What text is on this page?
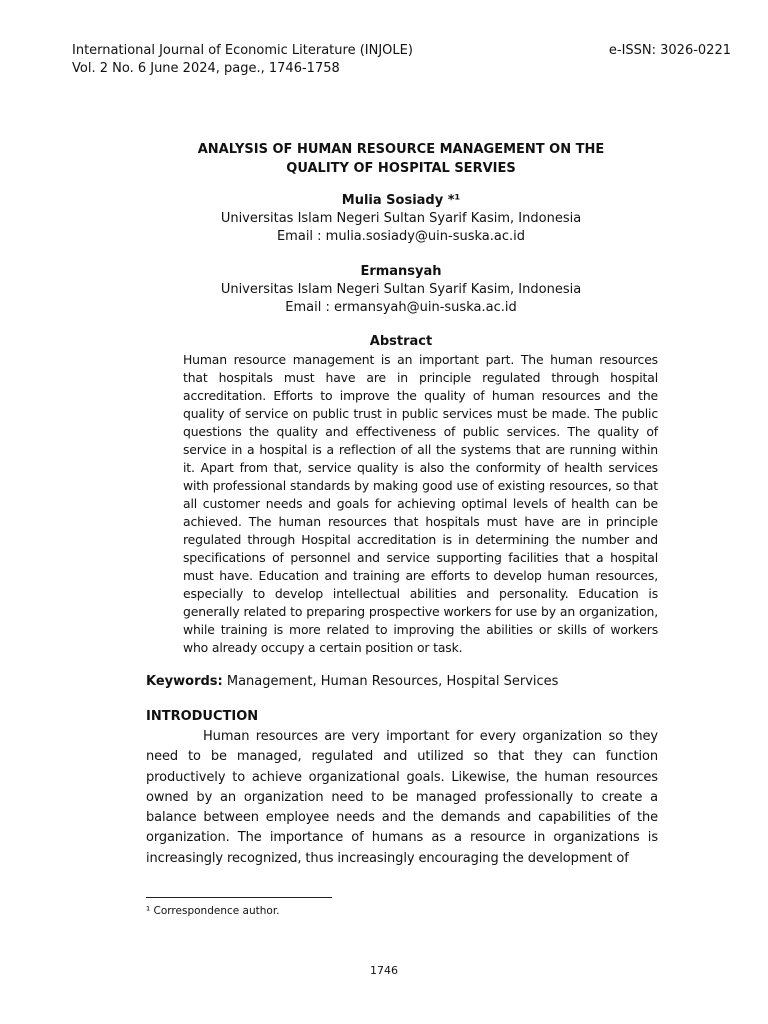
International Journal of Economic Literature (INJOLE)
Vol. 2 No. 6 June 2024, page., 1746-1758
e-ISSN: 3026-0221
ANALYSIS OF HUMAN RESOURCE MANAGEMENT ON THE
QUALITY OF HOSPITAL SERVIES
Mulia Sosiady *¹
Universitas Islam Negeri Sultan Syarif Kasim, Indonesia
Email : mulia.sosiady@uin-suska.ac.id
Ermansyah
Universitas Islam Negeri Sultan Syarif Kasim, Indonesia
Email : ermansyah@uin-suska.ac.id
Abstract

Human resource management is an important part. The human resources that hospitals must have are in principle regulated through hospital accreditation. Efforts to improve the quality of human resources and the quality of service on public trust in public services must be made. The public questions the quality and effectiveness of public services. The quality of service in a hospital is a reflection of all the systems that are running within it. Apart from that, service quality is also the conformity of health services with professional standards by making good use of existing resources, so that all customer needs and goals for achieving optimal levels of health can be achieved. The human resources that hospitals must have are in principle regulated through Hospital accreditation is in determining the number and specifications of personnel and service supporting facilities that a hospital must have. Education and training are efforts to develop human resources, especially to develop intellectual abilities and personality. Education is generally related to preparing prospective workers for use by an organization, while training is more related to improving the abilities or skills of workers who already occupy a certain position or task.

Keywords: Management, Human Resources, Hospital Services
INTRODUCTION

Human resources are very important for every organization so they need to be managed, regulated and utilized so that they can function productively to achieve organizational goals. Likewise, the human resources owned by an organization need to be managed professionally to create a balance between employee needs and the demands and capabilities of the organization. The importance of humans as a resource in organizations is increasingly recognized, thus increasingly encouraging the development of

¹ Correspondence author.
1746
